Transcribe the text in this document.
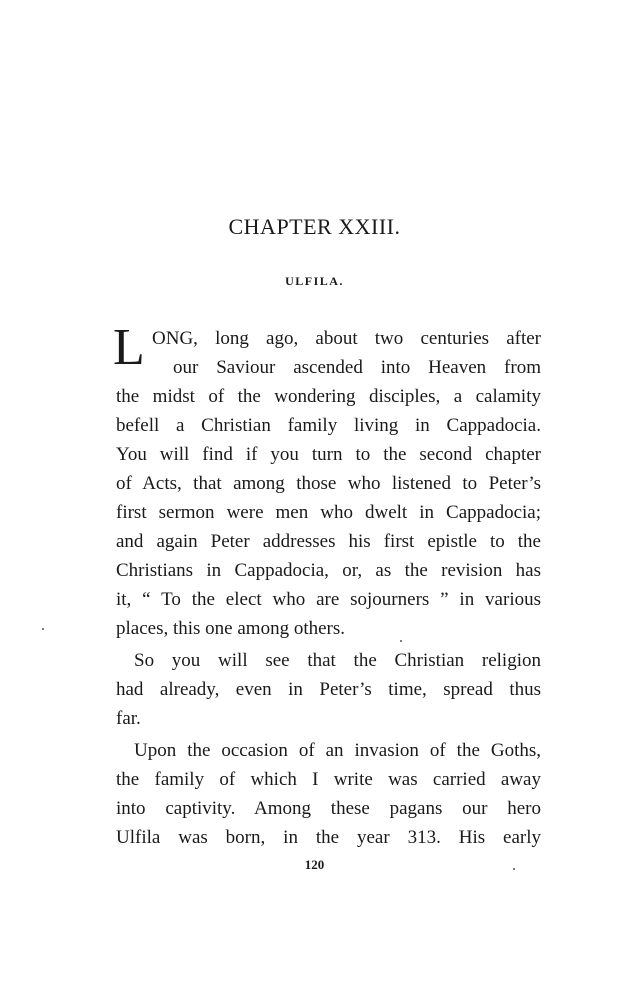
CHAPTER XXIII.
ULFILA.
L ONG, long ago, about two centuries after
our Saviour ascended into Heaven from
the midst of the wondering disciples, a calamity
befell a Christian family living in Cappadocia.
You will find if you turn to the second chapter
of Acts, that among those who listened to Peter’s
first sermon were men who dwelt in Cappadocia;
and again Peter addresses his first epistle to the
Christians in Cappadocia, or, as the revision has
it, “ To the elect who are sojourners ” in various
places, this one among others.
So you will see that the Christian religion
had already, even in Peter’s time, spread thus
far.
Upon the occasion of an invasion of the Goths,
the family of which I write was carried away
into captivity. Among these pagans our hero
Ulfila was born, in the year 313. His early
120
